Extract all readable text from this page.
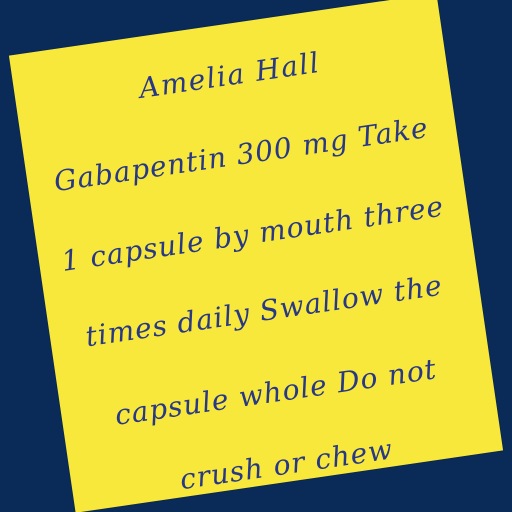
Amelia Hall
Gabapentin 300 mg Take
1 capsule by mouth three
times daily Swallow the
capsule whole Do not
crush or chew
